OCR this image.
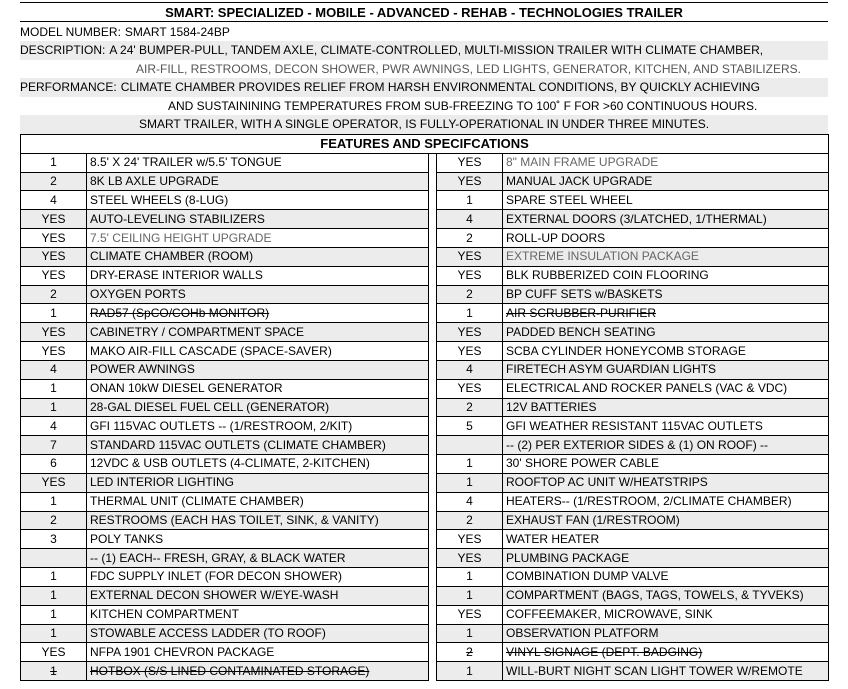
SMART: SPECIALIZED - MOBILE - ADVANCED - REHAB - TECHNOLOGIES TRAILER
MODEL NUMBER: SMART 1584-24BP
DESCRIPTION: A 24' BUMPER-PULL, TANDEM AXLE, CLIMATE-CONTROLLED, MULTI-MISSION TRAILER WITH CLIMATE CHAMBER,
AIR-FILL, RESTROOMS, DECON SHOWER, PWR AWNINGS, LED LIGHTS, GENERATOR, KITCHEN, AND STABILIZERS.
PERFORMANCE: CLIMATE CHAMBER PROVIDES RELIEF FROM HARSH ENVIRONMENTAL CONDITIONS, BY QUICKLY ACHIEVING
AND SUSTAININING TEMPERATURES FROM SUB-FREEZING TO 100˚ F FOR >60 CONTINUOUS HOURS.
SMART TRAILER, WITH A SINGLE OPERATOR, IS FULLY-OPERATIONAL IN UNDER THREE MINUTES.
FEATURES AND SPECIFCATIONS				
1	8.5' X 24' TRAILER w/5.5' TONGUE		YES	8" MAIN FRAME UPGRADE
2	8K LB AXLE UPGRADE		YES	MANUAL JACK UPGRADE
4	STEEL WHEELS (8-LUG)		1	SPARE STEEL WHEEL
YES	AUTO-LEVELING STABILIZERS		4	EXTERNAL DOORS (3/LATCHED, 1/THERMAL)
YES	7.5' CEILING HEIGHT UPGRADE		2	ROLL-UP DOORS
YES	CLIMATE CHAMBER (ROOM)		YES	EXTREME INSULATION PACKAGE
YES	DRY-ERASE INTERIOR WALLS		YES	BLK RUBBERIZED COIN FLOORING
2	OXYGEN PORTS		2	BP CUFF SETS w/BASKETS
1	RAD57 (SpCO/COHb MONITOR)		1	AIR SCRUBBER-PURIFIER
YES	CABINETRY / COMPARTMENT SPACE		YES	PADDED BENCH SEATING
YES	MAKO AIR-FILL CASCADE (SPACE-SAVER)		YES	SCBA CYLINDER HONEYCOMB STORAGE
4	POWER AWNINGS		4	FIRETECH ASYM GUARDIAN LIGHTS
1	ONAN 10kW DIESEL GENERATOR		YES	ELECTRICAL AND ROCKER PANELS (VAC & VDC)
1	28-GAL DIESEL FUEL CELL (GENERATOR)		2	12V BATTERIES
4	GFI 115VAC OUTLETS -- (1/RESTROOM, 2/KIT)		5	GFI WEATHER RESISTANT 115VAC OUTLETS
7	STANDARD 115VAC OUTLETS (CLIMATE CHAMBER)			-- (2) PER EXTERIOR SIDES & (1) ON ROOF) --
6	12VDC & USB OUTLETS (4-CLIMATE, 2-KITCHEN)		1	30' SHORE POWER CABLE
YES	LED INTERIOR LIGHTING		1	ROOFTOP AC UNIT W/HEATSTRIPS
1	THERMAL UNIT (CLIMATE CHAMBER)		4	HEATERS-- (1/RESTROOM, 2/CLIMATE CHAMBER)
2	RESTROOMS (EACH HAS TOILET, SINK, & VANITY)		2	EXHAUST FAN (1/RESTROOM)
3	POLY TANKS		YES	WATER HEATER
	-- (1) EACH-- FRESH, GRAY, & BLACK WATER		YES	PLUMBING PACKAGE
1	FDC SUPPLY INLET (FOR DECON SHOWER)		1	COMBINATION DUMP VALVE
1	EXTERNAL DECON SHOWER W/EYE-WASH		1	COMPARTMENT (BAGS, TAGS, TOWELS, & TYVEKS)
1	KITCHEN COMPARTMENT		YES	COFFEEMAKER, MICROWAVE, SINK
1	STOWABLE ACCESS LADDER (TO ROOF)		1	OBSERVATION PLATFORM
YES	NFPA 1901 CHEVRON PACKAGE		2	VINYL SIGNAGE (DEPT. BADGING)
1	HOTBOX (S/S LINED CONTAMINATED STORAGE)		1	WILL-BURT NIGHT SCAN LIGHT TOWER W/REMOTE
